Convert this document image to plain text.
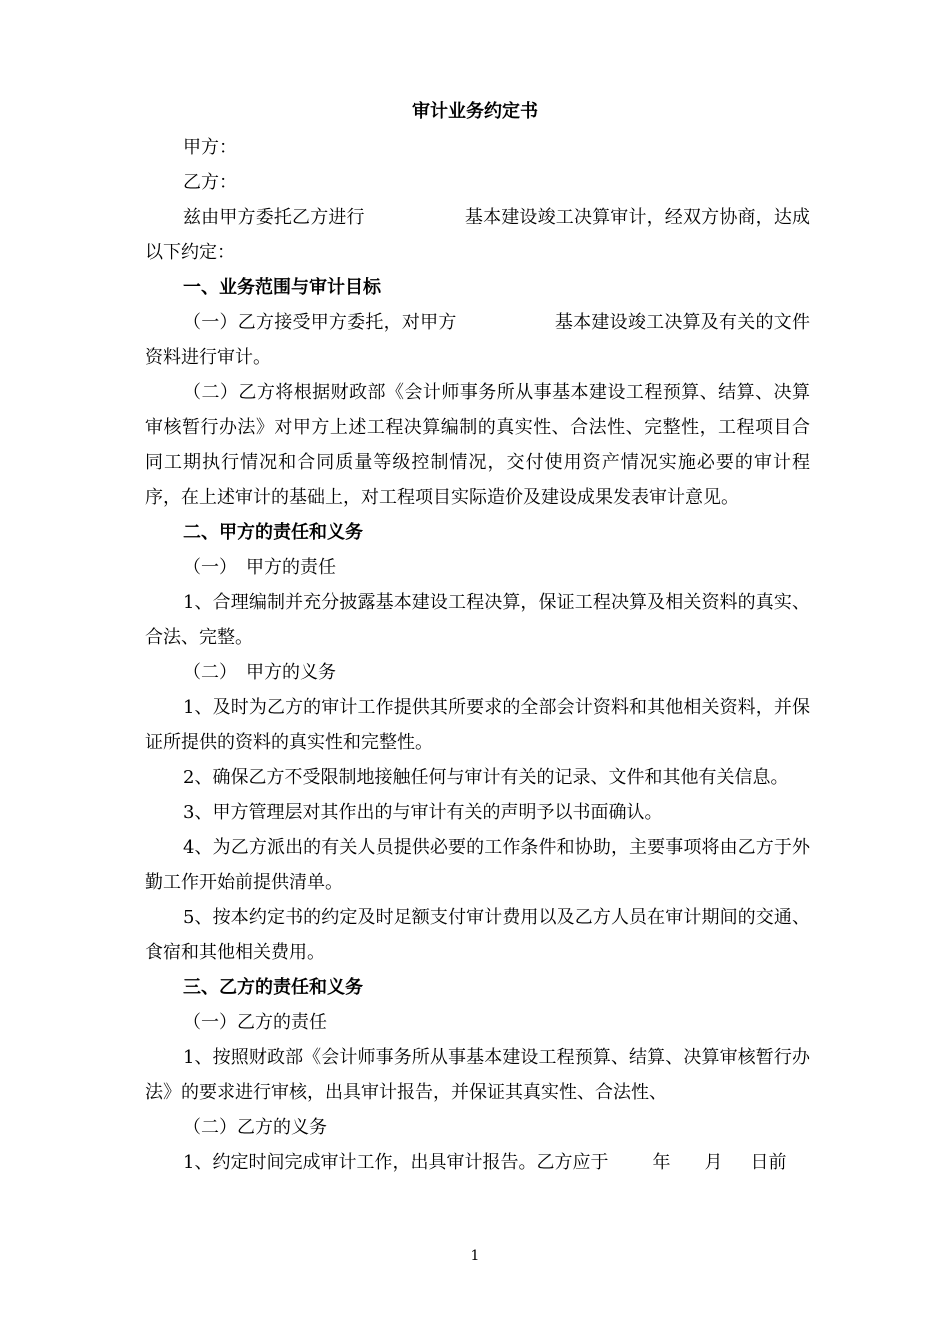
审计业务约定书

甲方：

乙方：

兹由甲方委托乙方进行	基本建设竣工决算审计，经双方协商，达成以下约定：

一、业务范围与审计目标

（一）乙方接受甲方委托，对甲方	基本建设竣工决算及有关的文件资料进行审计。

（二）乙方将根据财政部《会计师事务所从事基本建设工程预算、结算、决算审核暂行办法》对甲方上述工程决算编制的真实性、合法性、完整性，工程项目合同工期执行情况和合同质量等级控制情况，交付使用资产情况实施必要的审计程序，在上述审计的基础上，对工程项目实际造价及建设成果发表审计意见。

二、甲方的责任和义务

（一）　甲方的责任

1、合理编制并充分披露基本建设工程决算，保证工程决算及相关资料的真实、合法、完整。

（二）　甲方的义务

1、及时为乙方的审计工作提供其所要求的全部会计资料和其他相关资料，并保证所提供的资料的真实性和完整性。

2、确保乙方不受限制地接触任何与审计有关的记录、文件和其他有关信息。

3、甲方管理层对其作出的与审计有关的声明予以书面确认。

4、为乙方派出的有关人员提供必要的工作条件和协助，主要事项将由乙方于外勤工作开始前提供清单。

5、按本约定书的约定及时足额支付审计费用以及乙方人员在审计期间的交通、食宿和其他相关费用。

三、乙方的责任和义务

（一）乙方的责任

1、按照财政部《会计师事务所从事基本建设工程预算、结算、决算审核暂行办法》的要求进行审核，出具审计报告，并保证其真实性、合法性、

（二）乙方的义务

1、约定时间完成审计工作，出具审计报告。乙方应于 年 月 日前

1
